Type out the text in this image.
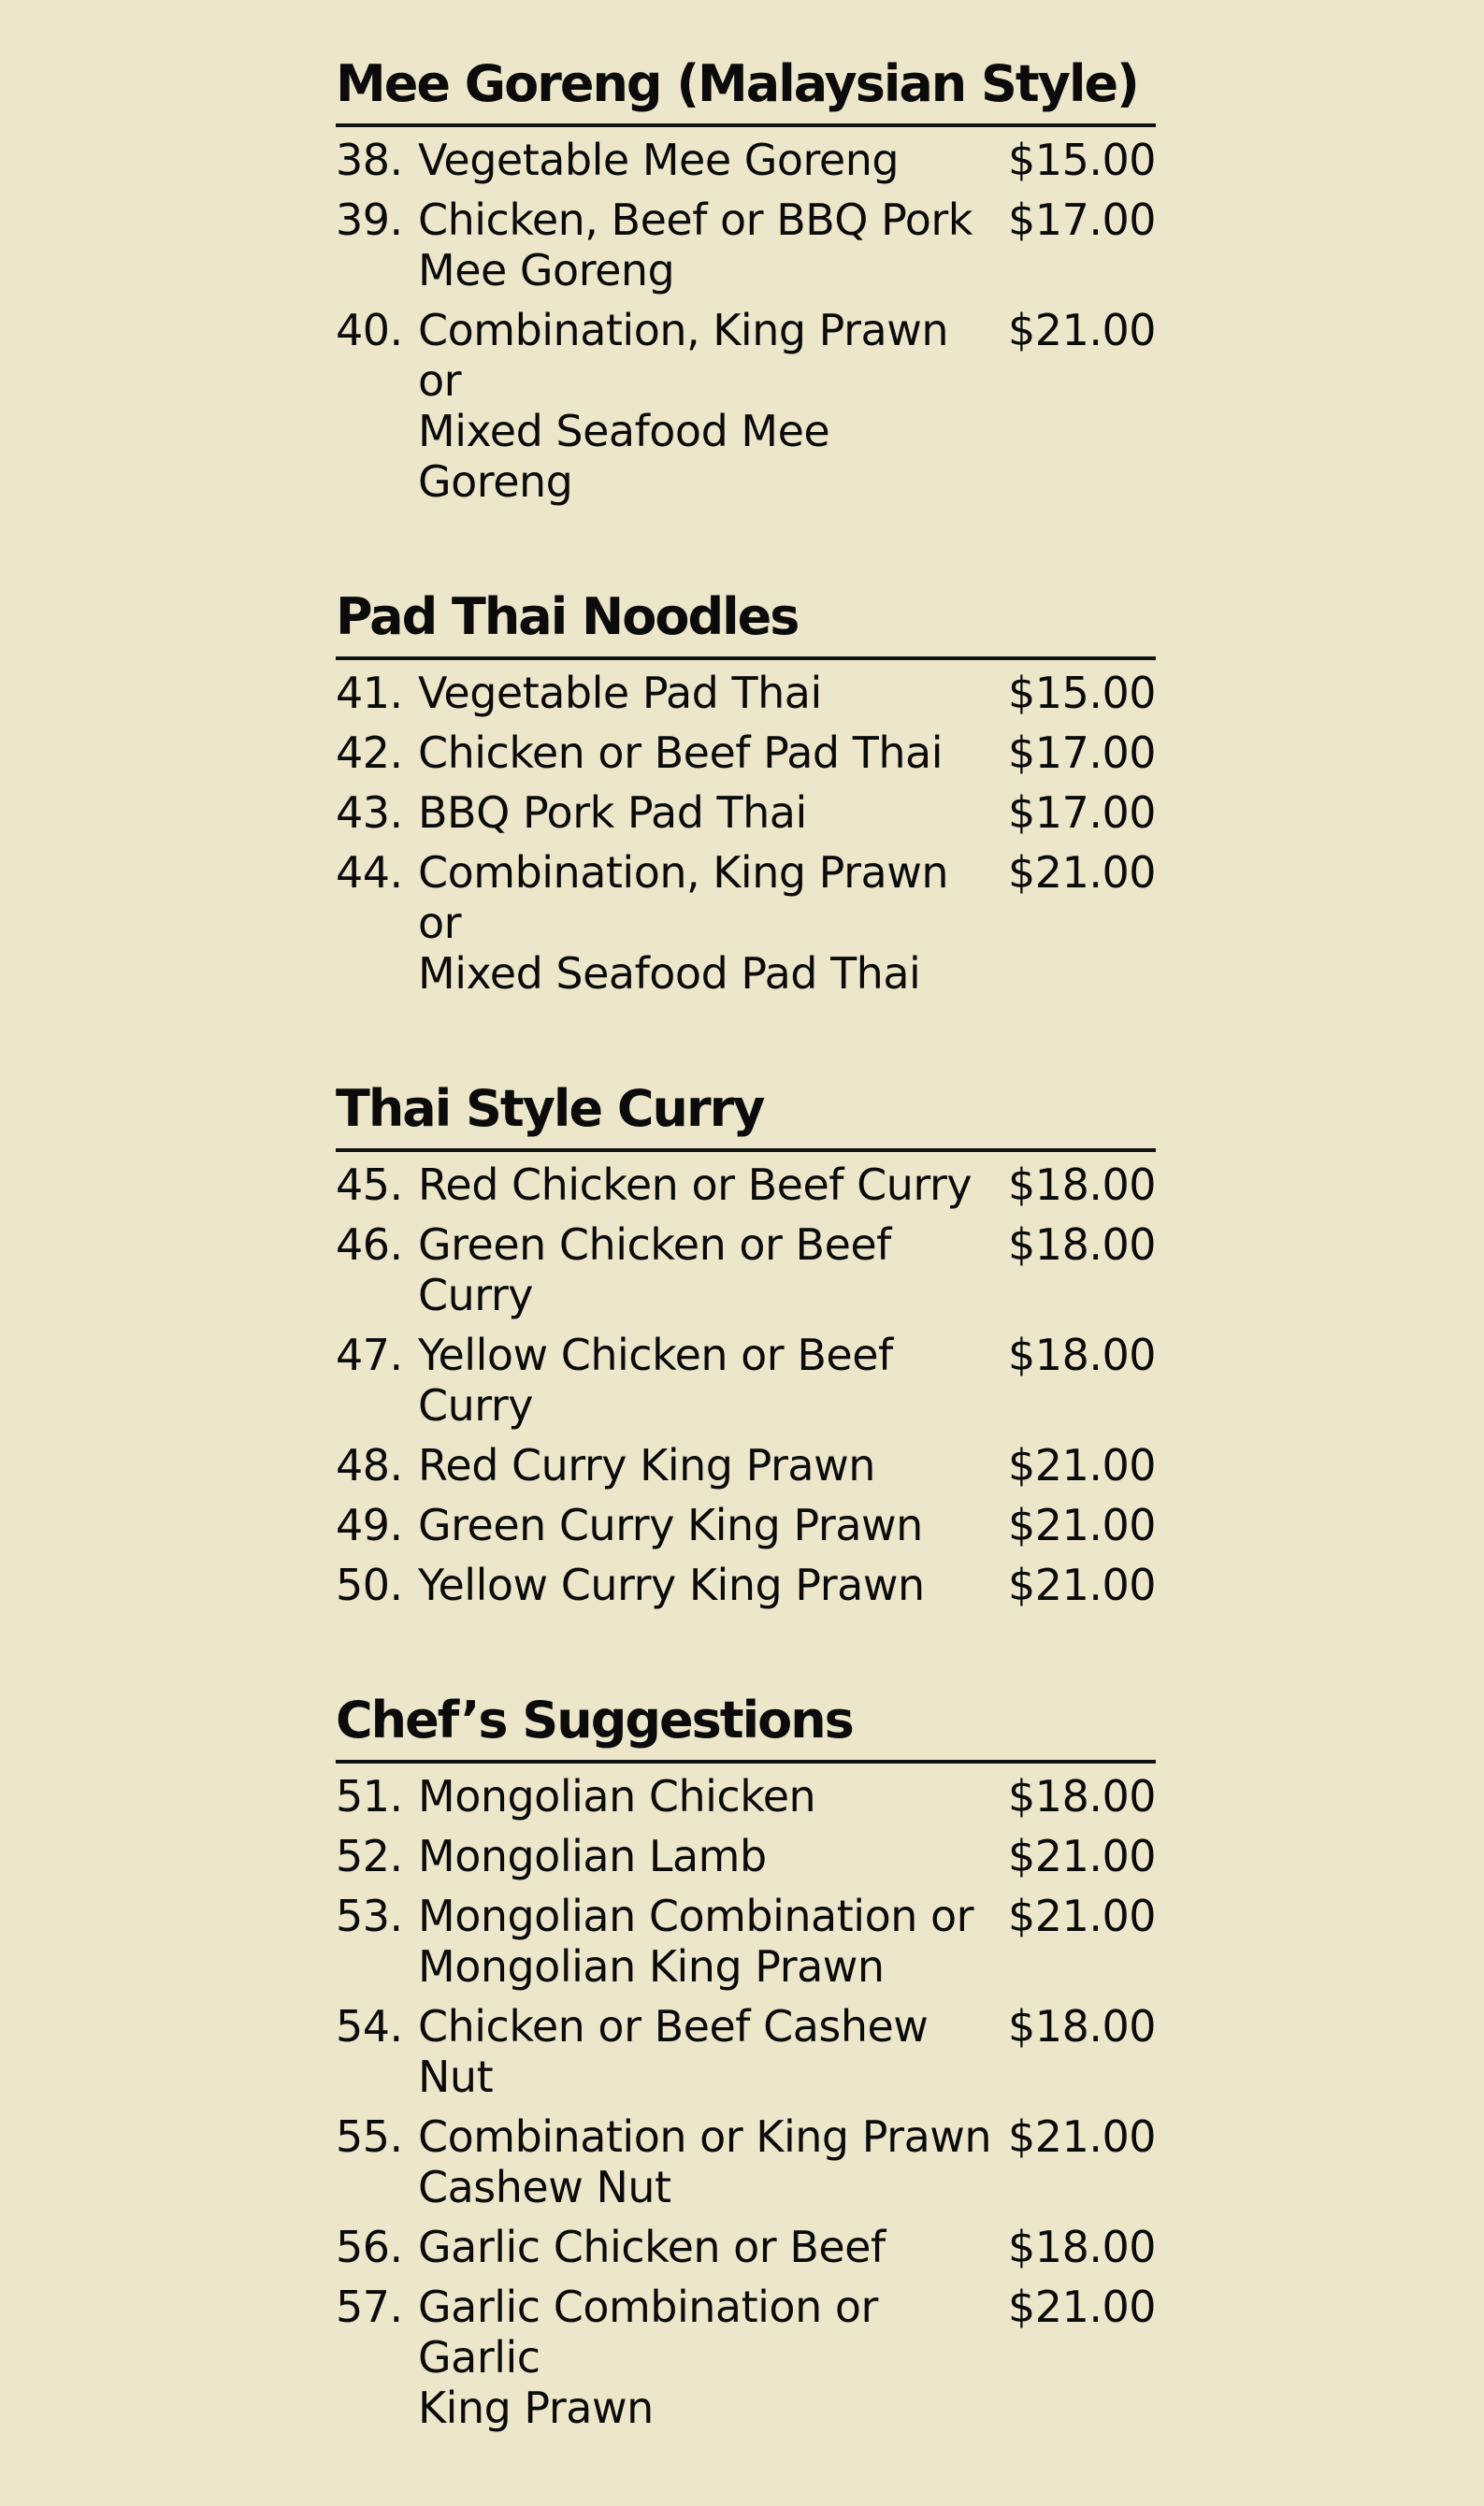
Mee Goreng (Malaysian Style)
38. Vegetable Mee Goreng	$15.00
39. Chicken, Beef or BBQ Pork
Mee Goreng
$17.00
40. Combination, King Prawn or
Mixed Seafood Mee Goreng
$21.00
Pad Thai Noodles
41. Vegetable Pad Thai	$15.00
42. Chicken or Beef Pad Thai	$17.00
43. BBQ Pork Pad Thai	$17.00
44. Combination, King Prawn or
Mixed Seafood Pad Thai
$21.00
Thai Style Curry
45. Red Chicken or Beef Curry $18.00
46. Green Chicken or Beef Curry
$18.00
47. Yellow Chicken or Beef Curry
$18.00
48. Red Curry King Prawn	$21.00
49. Green Curry King Prawn	$21.00
50. Yellow Curry King Prawn	$21.00
Chef’s Suggestions
51. Mongolian Chicken	$18.00
52. Mongolian Lamb	$21.00
53. Mongolian Combination or
Mongolian King Prawn
$21.00
54. Chicken or Beef Cashew Nut
$18.00
55. Combination or King Prawn
Cashew Nut
$21.00
56. Garlic Chicken or Beef	$18.00
57. Garlic Combination or Garlic
King Prawn
$21.00
